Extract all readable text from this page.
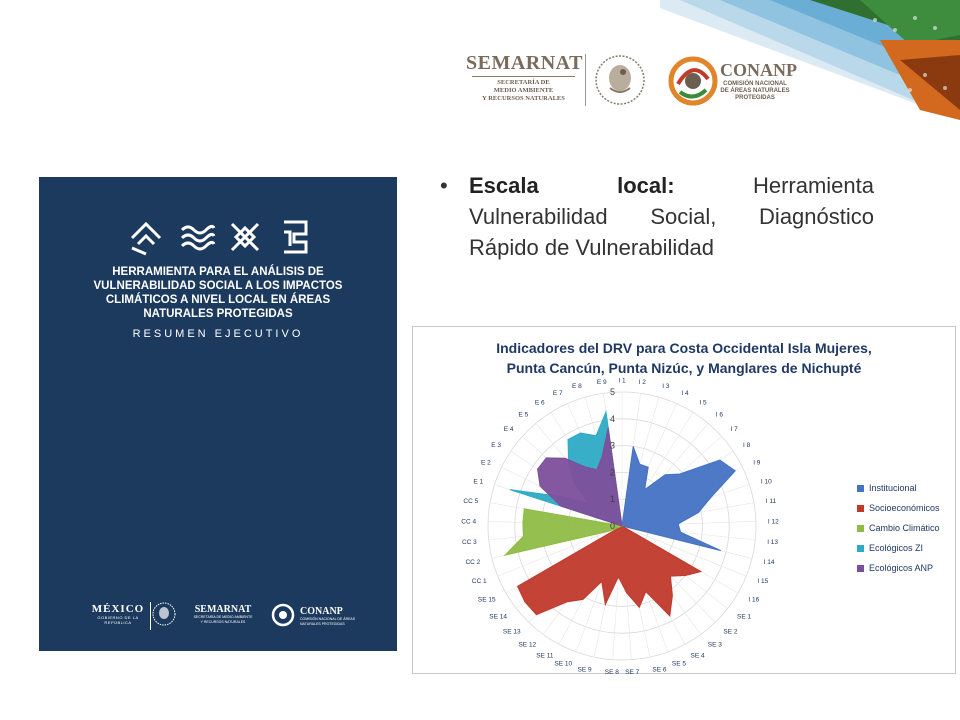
SEMARNAT
SECRETARÍA DE
MEDIO AMBIENTE
Y RECURSOS NATURALES
CONANP
COMISIÓN NACIONAL
DE ÁREAS NATURALES
PROTEGIDAS
HERRAMIENTA PARA EL ANÁLISIS DE VULNERABILIDAD SOCIAL A LOS IMPACTOS CLIMÁTICOS A NIVEL LOCAL EN ÁREAS NATURALES PROTEGIDAS
RESUMEN EJECUTIVO
MÉXICO
GOBIERNO DE LA REPÚBLICA
SEMARNAT
SECRETARÍA DE MEDIO AMBIENTE Y RECURSOS NATURALES
CONANP
COMISIÓN NACIONAL DE ÁREAS NATURALES PROTEGIDAS
• Escala local: Herramienta Vulnerabilidad Social, Diagnóstico Rápido de Vulnerabilidad
Indicadores del DRV para Costa Occidental Isla Mujeres,
Punta Cancún, Punta Nizúc, y Manglares de Nichupté
0
1
2
3
4
5
I 1 I 2
I 3
I 4
I 5
I 6
I 7
I 8
I 9
I 10
I 11
I 12
I 13
I 14
I 15
I 16
SE 1
SE 2
SE 3
SE 4
SE 5
SE 6
SE 7
SE 8
SE 9
SE 10
SE 11
SE 12
SE 13
SE 14
SE 15
CC 1
CC 2
CC 3
CC 4
CC 5
E 1
E 2
E 3
E 4
E 5
E 6
E 7
E 8
E 9
Institucional
Socioeconómicos
Cambio Climático
Ecológicos ZI
Ecológicos ANP
